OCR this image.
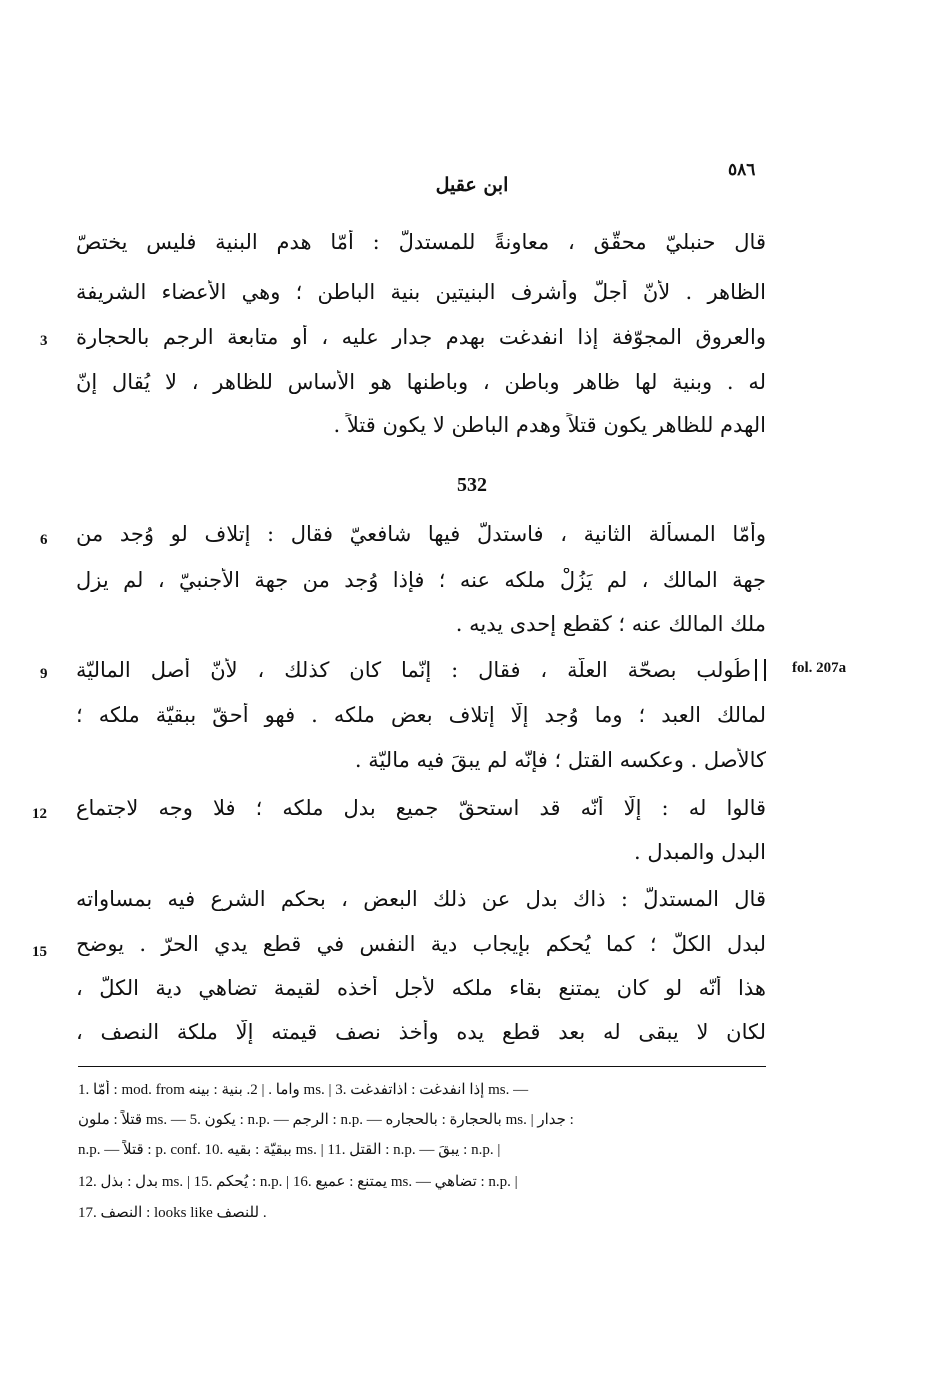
٥٨٦
ابن عقيل
قال حنبليّ محقّق ، معاونةً للمستدلّ : أمّا هدم البنية فليس يختصّ
الظاهر . لأنّ أجلّ وأشرف البنيتين بنية الباطن ؛ وهي الأعضاء الشريفة
والعروق المجوّفة إذا انفدغت بهدم جدار عليه ، أو متابعة الرجم بالحجارة
له . وبنية لها ظاهر وباطن ، وباطنها هو الأساس للظاهر ، لا يُقال إنّ
الهدم للظاهر يكون قتلاً وهدم الباطن لا يكون قتلاً .
532
وأمّا المسألة الثانية ، فاستدلّ فيها شافعيّ فقال : إتلاف لو وُجد من
جهة المالك ، لم يَزُلْ ملكه عنه ؛ فإذا وُجد من جهة الأجنبيّ ، لم يزل
ملك المالك عنه ؛ كقطع إحدى يديه .
طُولب بصحّة العلّة ، فقال : إنّما كان كذلك ، لأنّ أصل الماليّة
لمالك العبد ؛ وما وُجد إلّا إتلاف بعض ملكه . فهو أحقّ ببقيّة ملكه ؛
كالأصل . وعكسه القتل ؛ فإنّه لم يبقَ فيه ماليّة .
قالوا له : إلّا أنّه قد استحقّ جميع بدل ملكه ؛ فلا وجه لاجتماع
البدل والمبدل .
قال المستدلّ : ذاك بدل عن ذلك البعض ، بحكم الشرع فيه بمساواته
لبدل الكلّ ؛ كما يُحكم بإيجاب دية النفس في قطع يدي الحرّ . يوضح
هذا أنّه لو كان يمتنع بقاء ملكه لأجل أخذه لقيمة تضاهي دية الكلّ ،
لكان لا يبقى له بعد قطع يده وأخذ نصف قيمته إلّا ملكة النصف ،
3
6
9
12
15
fol. 207a
1. أمّا : mod. from واما . | 2. بنية : بينه ms. | 3. إذا انفدغت : اذاتفدغت ms. —
قتلاً : ملون ms. — 5. يكون : n.p. — الرجم : n.p. — بالحجارة : بالحجاره ms. | جدار :
n.p. — قتلاً : p. conf. 10. ببقيّة : بقيه ms. | 11. القتل : n.p. — يبقَ : n.p. |
12. بدل : بذل ms. | 15. يُحكم : n.p. | 16. يمتنع : عميع ms. — تضاهي : n.p. |
17. النصف : looks like للنصف .
